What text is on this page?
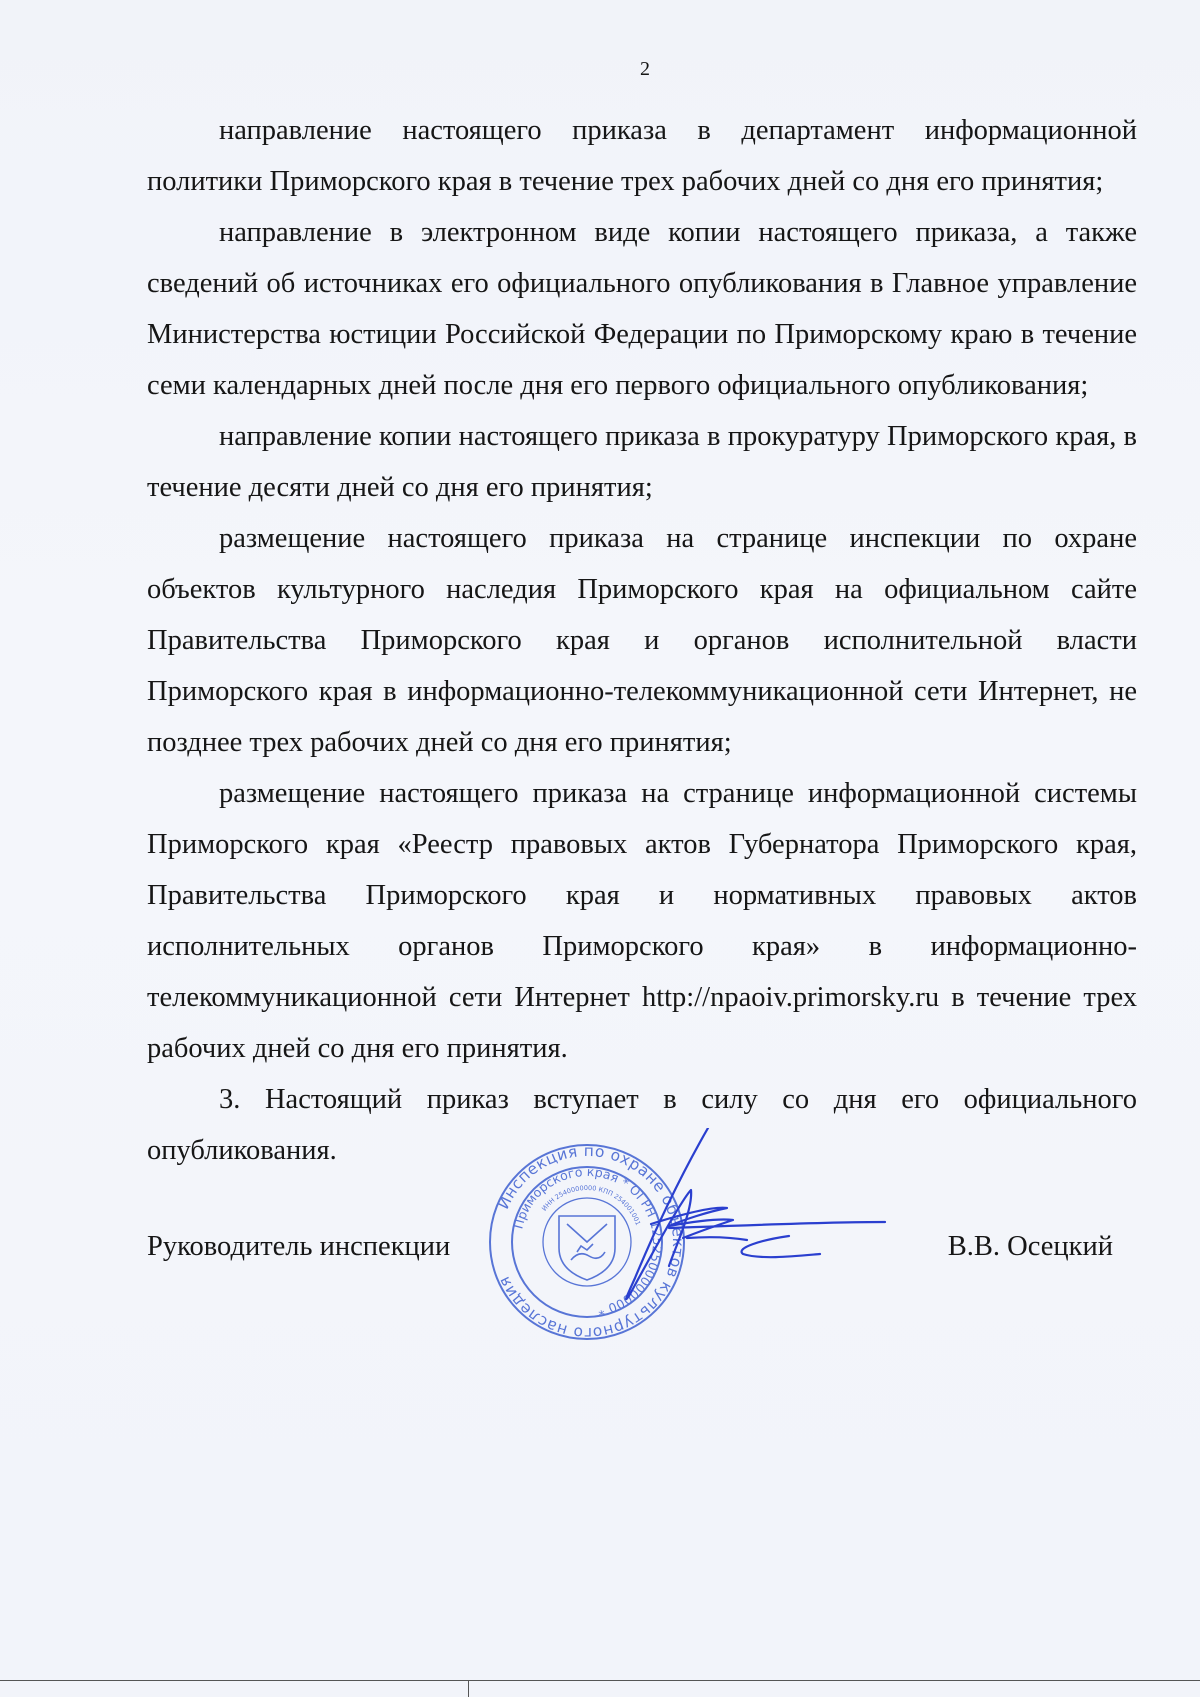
2

направление настоящего приказа в департамент информационной политики Приморского края в течение трех рабочих дней со дня его принятия;

направление в электронном виде копии настоящего приказа, а также сведений об источниках его официального опубликования в Главное управление Министерства юстиции Российской Федерации по Приморскому краю в течение семи календарных дней после дня его первого официального опубликования;

направление копии настоящего приказа в прокуратуру Приморского края, в течение десяти дней со дня его принятия;

размещение настоящего приказа на странице инспекции по охране объектов культурного наследия Приморского края на официальном сайте Правительства Приморского края и органов исполнительной власти Приморского края в информационно-телекоммуникационной сети Интернет, не позднее трех рабочих дней со дня его принятия;

размещение настоящего приказа на странице информационной системы Приморского края «Реестр правовых актов Губернатора Приморского края, Правительства Приморского края и нормативных правовых актов исполнительных органов Приморского края» в информационно-телекоммуникационной сети Интернет http://npaoiv.primorsky.ru в течение трех рабочих дней со дня его принятия.

3. Настоящий приказ вступает в силу со дня его официального опубликования.

Инспекция по охране объектов культурного наследия
Приморского края * ОГРН 1252500000000 *
ИНН 2540000000 КПП 254001001
Руководитель инспекции	В.В. Осецкий
